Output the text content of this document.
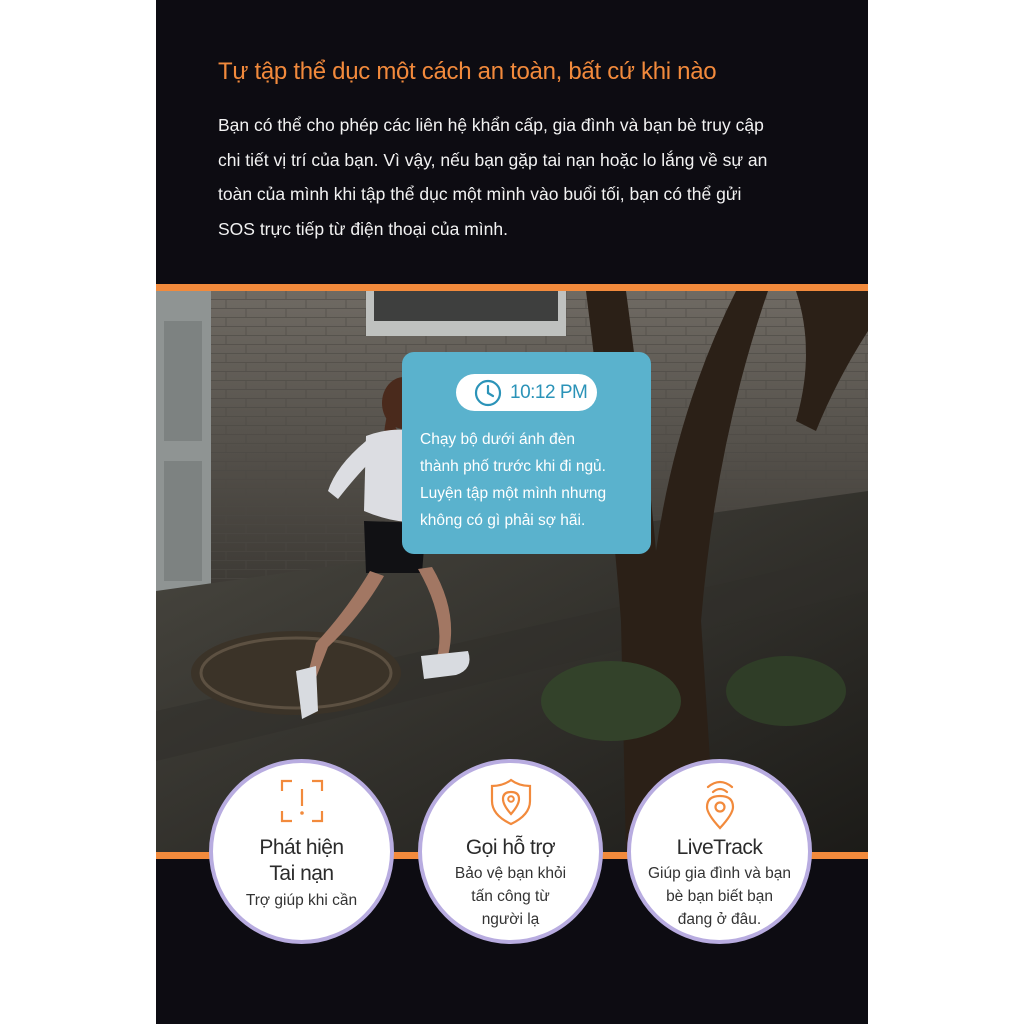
Tự tập thể dục một cách an toàn, bất cứ khi nào

Bạn có thể cho phép các liên hệ khẩn cấp, gia đình và bạn bè truy cập
chi tiết vị trí của bạn. Vì vậy, nếu bạn gặp tai nạn hoặc lo lắng về sự an
toàn của mình khi tập thể dục một mình vào buổi tối, bạn có thể gửi
SOS trực tiếp từ điện thoại của mình.

10:12 PM

Chạy bộ dưới ánh đèn
thành phố trước khi đi ngủ.
Luyện tập một mình nhưng
không có gì phải sợ hãi.

Phát hiện
Tai nạn
Trợ giúp khi cần
Gọi hỗ trợ
Bảo vệ bạn khỏi
tấn công từ
người lạ
LiveTrack
Giúp gia đình và bạn
bè bạn biết bạn
đang ở đâu.
